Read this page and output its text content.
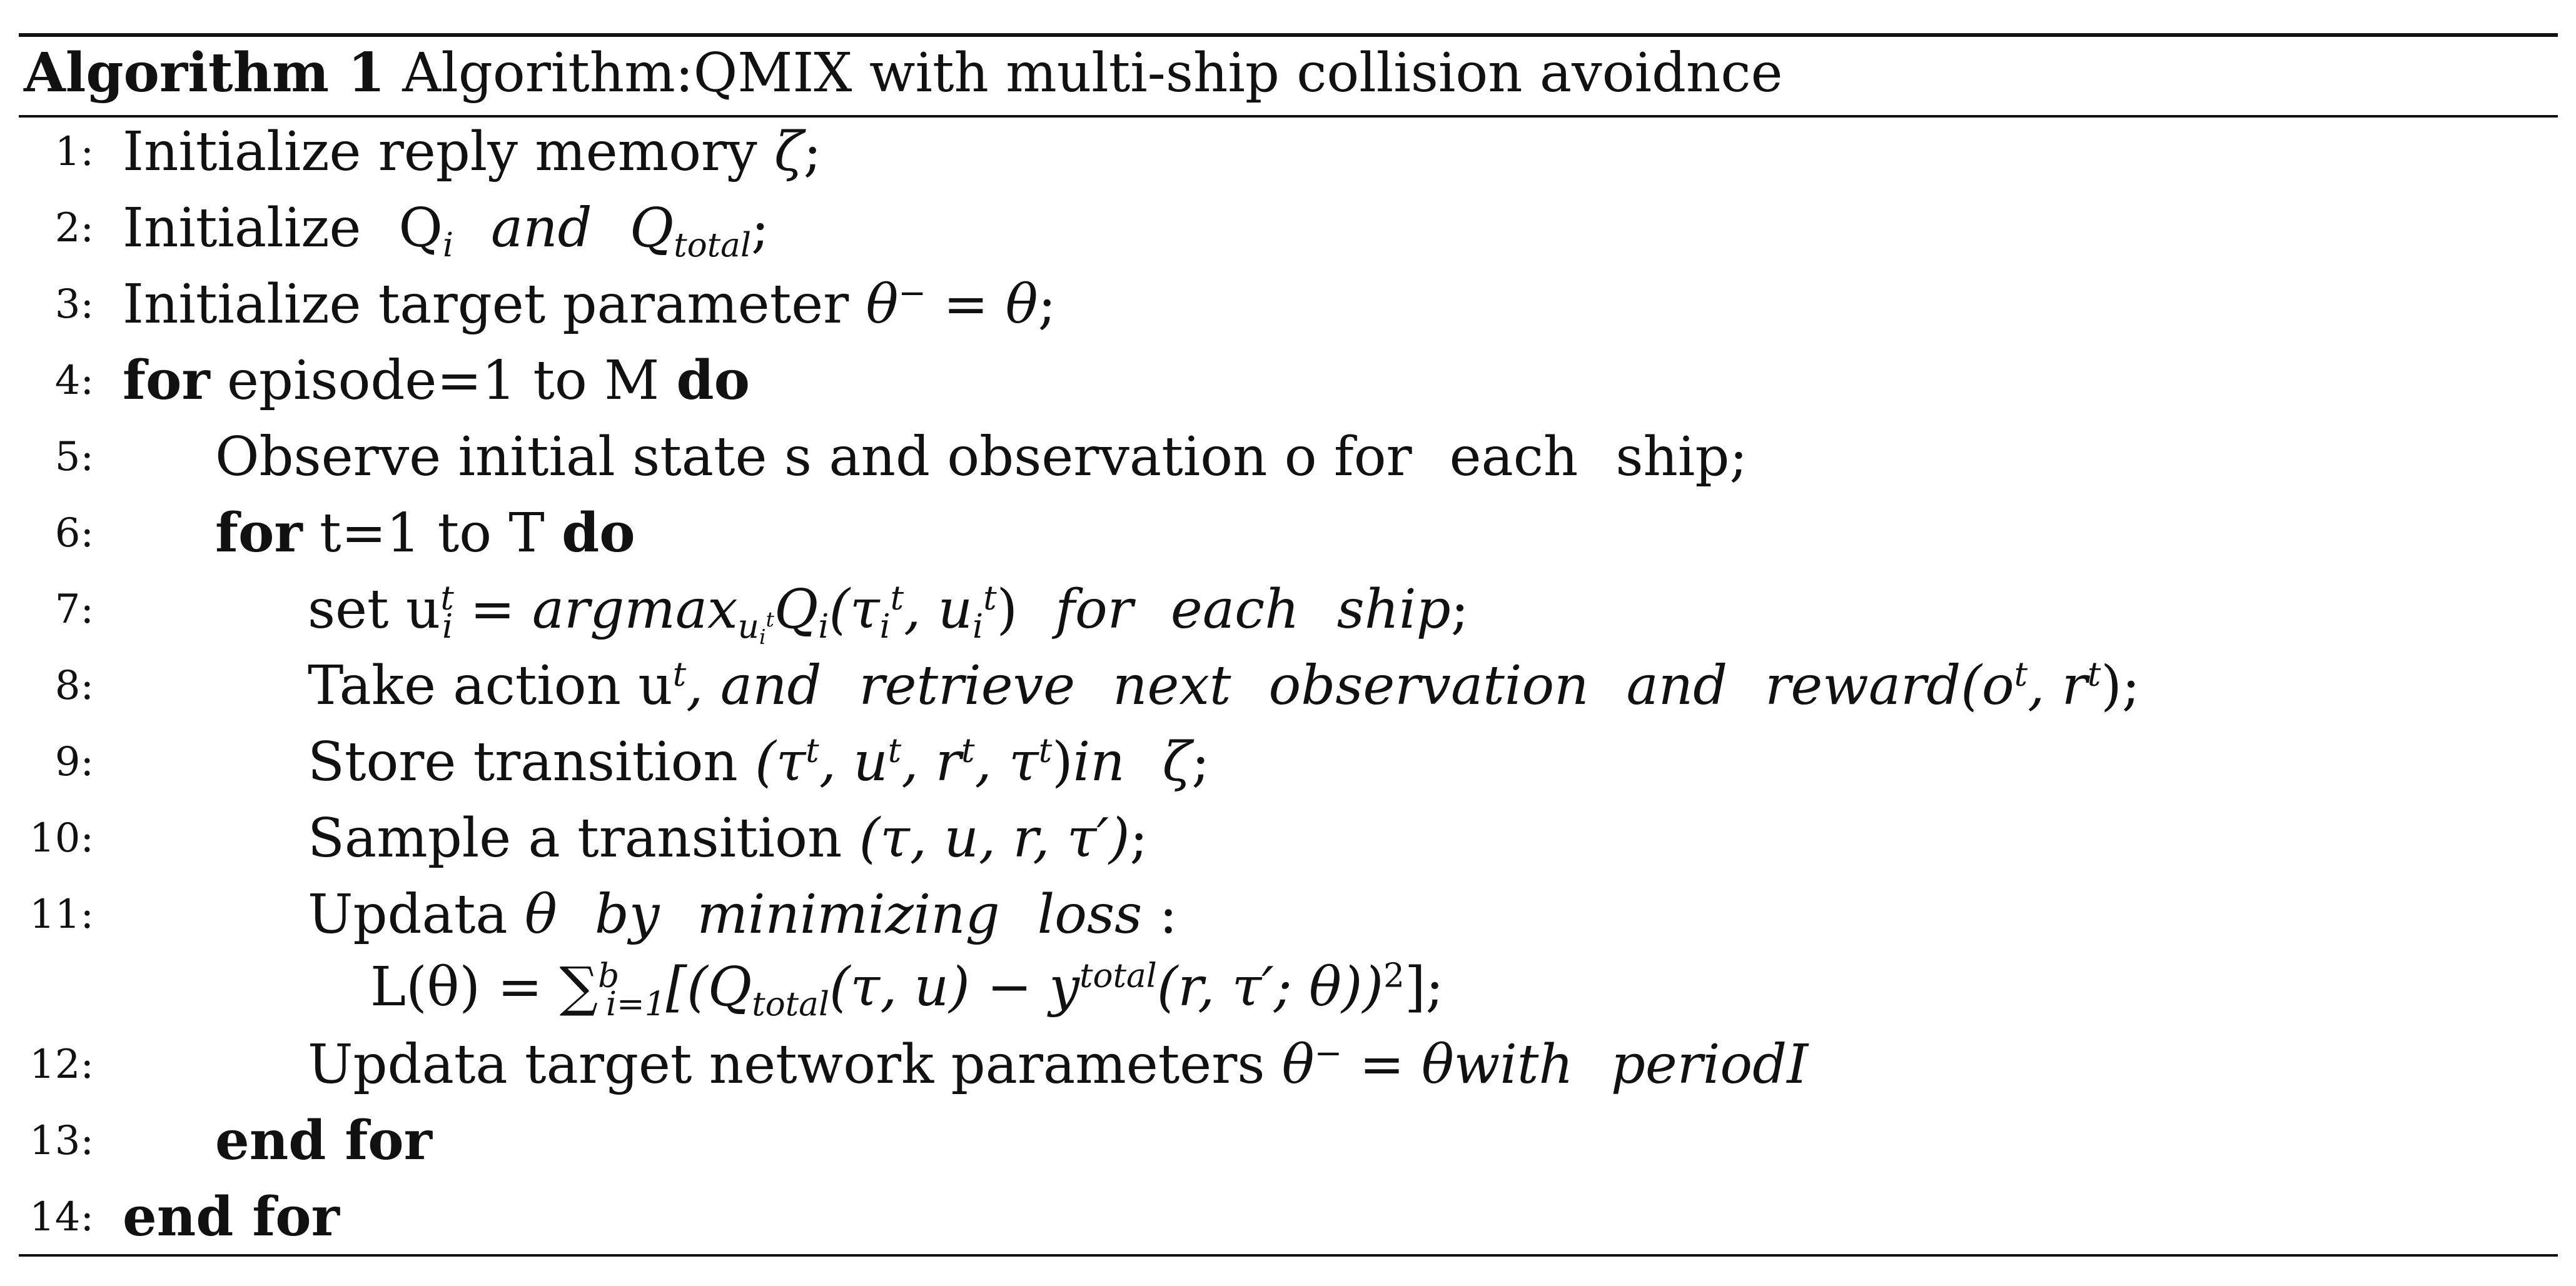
Algorithm 1 Algorithm:QMIX with multi-ship collision avoidnce
1: Initialize reply memory ζ;
2: Initialize $Q_i$ and $Q_{total}$;
3: Initialize target parameter θ− = θ;
4: for episode=1 to M do
5: Observe initial state s and observation o for each ship;
6: for t=1 to T do
7:	set $u^t_i = argmax_{u_i^t}Q_i(\tau_i^t$, $u_i^t$) for each ship;
8:	Take action $u^t$, and retrieve next observation and $reward(o^t$, $r^t$);
9:	Store transition ($\tau^t$, $u^t$, $r^t$, $\tau^t)in$ ζ;
10:	Sample a transition (τ, u, r, τ′);
11:	Updata θ by minimizing loss :
$L(\theta) = \sum^b_{i=1}[(Q_{total}(\tau$, $u) - y^{total}(r$, τ′; θ))$^2$];
12:	Updata target network parameters θ− = θwith periodI
13: end for
14: end for
